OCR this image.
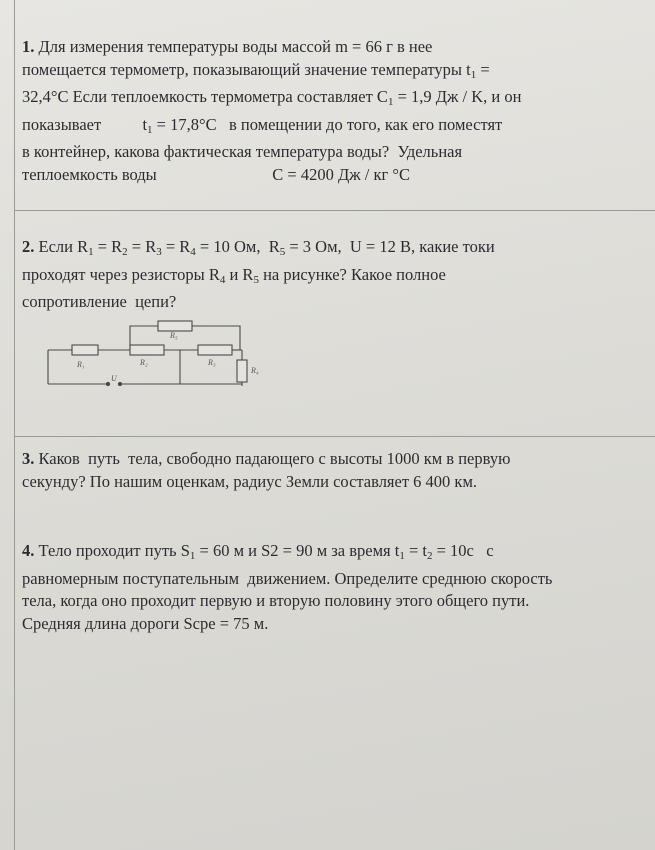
1. Для измерения температуры воды массой m = 66 г в нее

помещается термометр, показывающий значение температуры t1 =

32,4°C Если теплоемкость термометра составляет C1 = 1,9 Дж / K, и он

показывает          t1 = 17,8°C   в помещении до того, как его поместят

в контейнер, какова фактическая температура воды?  Удельная

теплоемкость воды                            C = 4200 Дж / кг °C

2. Если R1 = R2 = R3 = R4 = 10 Ом,  R5 = 3 Ом,  U = 12 В, какие токи

проходят через резисторы R4 и R5 на рисунке? Какое полное

сопротивление  цепи?

R₅
R₁	R₂	R₃
R₄
U

3. Каков  путь  тела, свободно падающего с высоты 1000 км в первую

секунду? По нашим оценкам, радиус Земли составляет 6 400 км.

4. Тело проходит путь S1 = 60 м и S2 = 90 м за время t1 = t2 = 10c   с

равномерным поступательным  движением. Определите среднюю скорость

тела, когда оно проходит первую и вторую половину этого общего пути.

Средняя длина дороги Scpe = 75 м.
